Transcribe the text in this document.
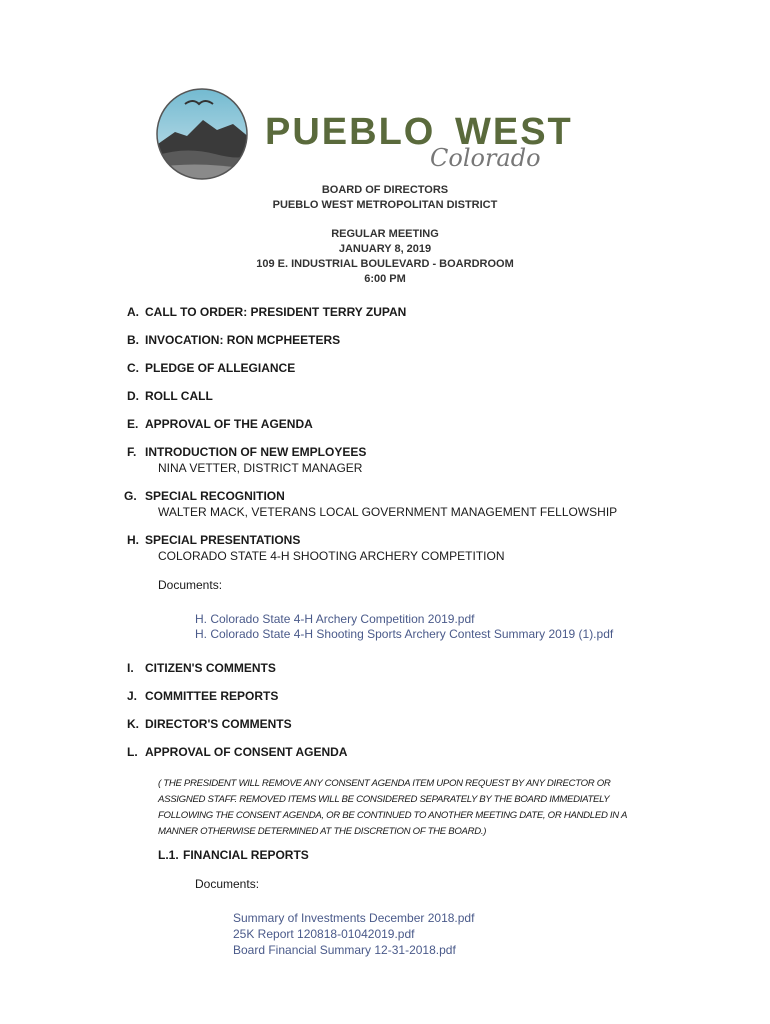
PUEBLO WEST
Colorado
BOARD OF DIRECTORS
PUEBLO WEST METROPOLITAN DISTRICT
REGULAR MEETING
JANUARY 8, 2019
109 E. INDUSTRIAL BOULEVARD - BOARDROOM
6:00 PM
A. CALL TO ORDER: PRESIDENT TERRY ZUPAN
B. INVOCATION: RON MCPHEETERS
C. PLEDGE OF ALLEGIANCE
D. ROLL CALL
E. APPROVAL OF THE AGENDA
F. INTRODUCTION OF NEW EMPLOYEES
NINA VETTER, DISTRICT MANAGER
G. SPECIAL RECOGNITION
WALTER MACK, VETERANS LOCAL GOVERNMENT MANAGEMENT FELLOWSHIP
H. SPECIAL PRESENTATIONS
COLORADO STATE 4-H SHOOTING ARCHERY COMPETITION
Documents:
H. Colorado State 4-H Archery Competition 2019.pdf
H. Colorado State 4-H Shooting Sports Archery Contest Summary 2019 (1).pdf
I. CITIZEN'S COMMENTS
J. COMMITTEE REPORTS
K. DIRECTOR'S COMMENTS
L. APPROVAL OF CONSENT AGENDA
( THE PRESIDENT WILL REMOVE ANY CONSENT AGENDA ITEM UPON REQUEST BY ANY DIRECTOR OR
ASSIGNED STAFF. REMOVED ITEMS WILL BE CONSIDERED SEPARATELY BY THE BOARD IMMEDIATELY
FOLLOWING THE CONSENT AGENDA, OR BE CONTINUED TO ANOTHER MEETING DATE, OR HANDLED IN A
MANNER OTHERWISE DETERMINED AT THE DISCRETION OF THE BOARD.)
L.1. FINANCIAL REPORTS
Documents:
Summary of Investments December 2018.pdf
25K Report 120818-01042019.pdf
Board Financial Summary 12-31-2018.pdf
